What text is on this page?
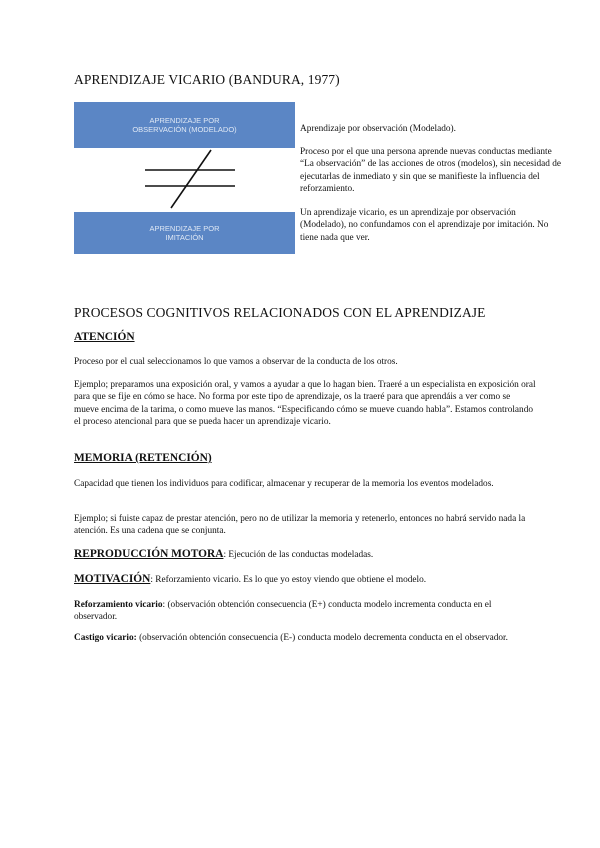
APRENDIZAJE VICARIO (BANDURA, 1977)
APRENDIZAJE POR
OBSERVACIÓN (MODELADO)
APRENDIZAJE POR
IMITACIÓN
Aprendizaje por observación (Modelado).
Proceso por el que una persona aprende nuevas conductas mediante “La observación” de las acciones de otros (modelos), sin necesidad de ejecutarlas de inmediato y sin que se manifieste la influencia del reforzamiento.
Un aprendizaje vicario, es un aprendizaje por observación (Modelado), no confundamos con el aprendizaje por imitación. No tiene nada que ver.
PROCESOS COGNITIVOS RELACIONADOS CON EL APRENDIZAJE
ATENCIÓN
Proceso por el cual seleccionamos lo que vamos a observar de la conducta de los otros.
Ejemplo; preparamos una exposición oral, y vamos a ayudar a que lo hagan bien. Traeré a un especialista en exposición oral para que se fije en cómo se hace. No forma por este tipo de aprendizaje, os la traeré para que aprendáis a ver como se mueve encima de la tarima, o como mueve las manos. “Especificando cómo se mueve cuando habla”. Estamos controlando el proceso atencional para que se pueda hacer un aprendizaje vicario.
MEMORIA (RETENCIÓN)
Capacidad que tienen los individuos para codificar, almacenar y recuperar de la memoria los eventos modelados.
Ejemplo; si fuiste capaz de prestar atención, pero no de utilizar la memoria y retenerlo, entonces no habrá servido nada la atención. Es una cadena que se conjunta.
REPRODUCCIÓN MOTORA: Ejecución de las conductas modeladas.
MOTIVACIÓN: Reforzamiento vicario. Es lo que yo estoy viendo que obtiene el modelo.
Reforzamiento vicario: (observación obtención consecuencia (E+) conducta modelo incrementa conducta en el observador.
Castigo vicario: (observación obtención consecuencia (E-) conducta modelo decrementa conducta en el observador.
